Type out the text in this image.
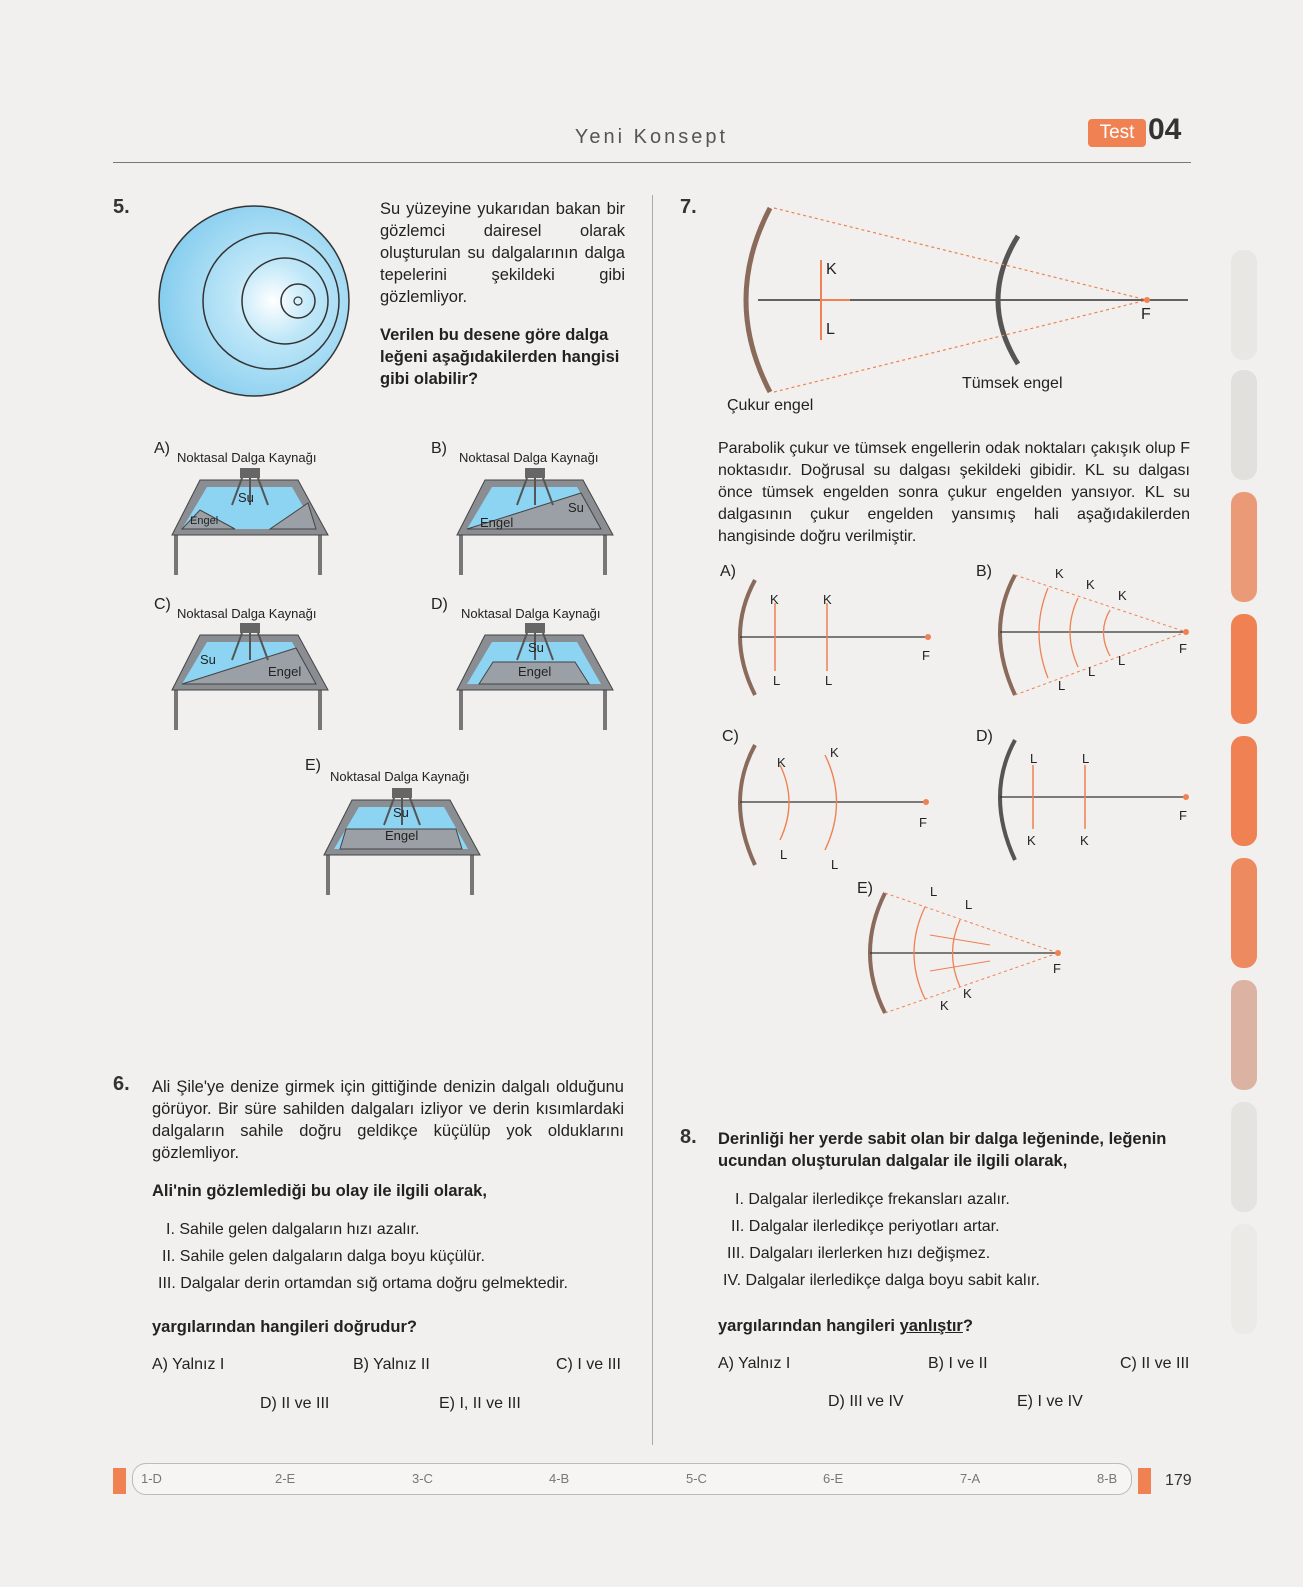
Yeni Konsept	Test 04
5.	Su yüzeyine yukarıdan bakan bir gözlemci dairesel olarak oluşturulan su dalgalarının dalga tepelerini şekildeki gibi gözlemliyor.
Verilen bu desene göre dalga leğeni aşağıdakilerden hangisi gibi olabilir?
A)
Noktasal Dalga Kaynağı
Su
Engel
B)
Noktasal Dalga Kaynağı
Su
Engel
C)
Noktasal Dalga Kaynağı
Su
Engel
D)
Noktasal Dalga Kaynağı
Su
Engel
E)
Noktasal Dalga Kaynağı
Su
Engel
6. Ali Şile'ye denize girmek için gittiğinde denizin dalgalı olduğunu görüyor. Bir süre sahilden dalgaları izliyor ve derin kısımlardaki dalgaların sahile doğru geldikçe küçülüp yok olduklarını gözlemliyor.
Ali'nin gözlemlediği bu olay ile ilgili olarak,
I. Sahile gelen dalgaların hızı azalır.
II. Sahile gelen dalgaların dalga boyu küçülür.
III. Dalgalar derin ortamdan sığ ortama doğru gelmektedir.
yargılarından hangileri doğrudur?
A) Yalnız I	B) Yalnız II	C) I ve III
D) II ve III	E) I, II ve III
7.
K
L
F
Çukur engel
Tümsek engel
Parabolik çukur ve tümsek engellerin odak noktaları çakışık olup F noktasıdır. Doğrusal su dalgası şekildeki gibidir. KL su dalgası önce tümsek engelden sonra çukur engelden yansıyor. KL su dalgasının çukur engelden yansımış hali aşağıdakilerden hangisinde doğru verilmiştir.
A)
K	K
L	L
F
B)	K
K
K
L
L
L
F
C)
K
K
L
L
F
D)
L	L
K	K
F
E)	L
L
K
K
F
8. Derinliği her yerde sabit olan bir dalga leğeninde, leğenin ucundan oluşturulan dalgalar ile ilgili olarak,
I. Dalgalar ilerledikçe frekansları azalır.
II. Dalgalar ilerledikçe periyotları artar.
III. Dalgaları ilerlerken hızı değişmez.
IV. Dalgalar ilerledikçe dalga boyu sabit kalır.
yargılarından hangileri yanlıştır?
A) Yalnız I	B) I ve II	C) II ve III
D) III ve IV	E) I ve IV
1-D	2-E	3-C	4-B	5-C	6-E	7-A	8-B	179
